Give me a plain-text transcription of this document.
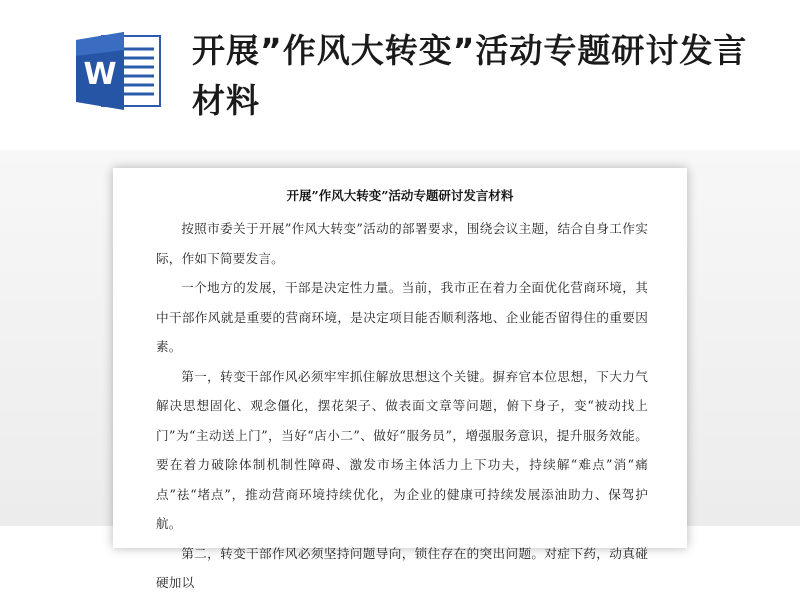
W
开展”作风大转变”活动专题研讨发言材料
开展”作风大转变”活动专题研讨发言材料

按照市委关于开展”作风大转变”活动的部署要求，围绕会议主题，结合自身工作实际，作如下简要发言。

一个地方的发展，干部是决定性力量。当前，我市正在着力全面优化营商环境，其中干部作风就是重要的营商环境，是决定项目能否顺利落地、企业能否留得住的重要因素。

第一，转变干部作风必须牢牢抓住解放思想这个关键。摒弃官本位思想，下大力气解决思想固化、观念僵化，摆花架子、做表面文章等问题，俯下身子，变“被动找上门”为“主动送上门”，当好“店小二”、做好“服务员”，增强服务意识，提升服务效能。要在着力破除体制机制性障碍、激发市场主体活力上下功夫，持续解“难点”消“痛点”祛“堵点”，推动营商环境持续优化，为企业的健康可持续发展添油助力、保驾护航。

第二，转变干部作风必须坚持问题导向，锁住存在的突出问题。对症下药，动真碰硬加以
